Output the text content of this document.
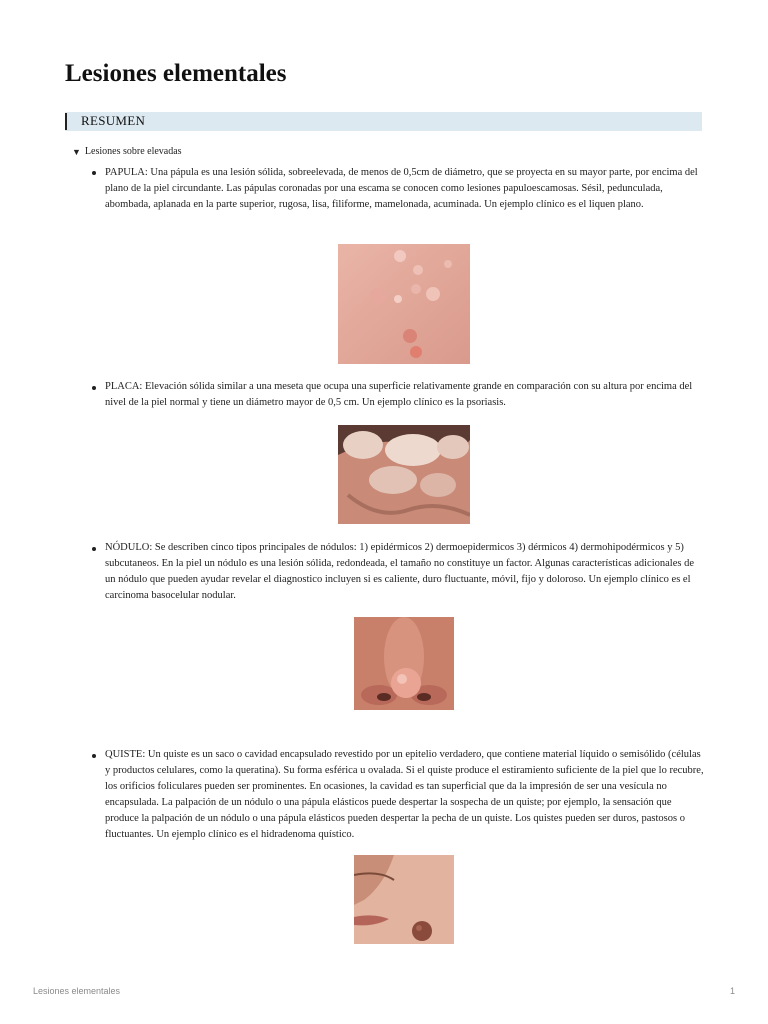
Lesiones elementales
RESUMEN
▼ Lesiones sobre elevadas
PAPULA: Una pápula es una lesión sólida, sobreelevada, de menos de 0,5cm de diámetro, que se proyecta en su mayor parte, por encima del plano de la piel circundante. Las pápulas coronadas por una escama se conocen como lesiones papuloescamosas. Sésil, pedunculada, abombada, aplanada en la parte superior, rugosa, lisa, filiforme, mamelonada, acuminada. Un ejemplo clínico es el liquen plano.
PLACA: Elevación sólida similar a una meseta que ocupa una superficie relativamente grande en comparación con su altura por encima del nivel de la piel normal y tiene un diámetro mayor de 0,5 cm. Un ejemplo clínico es la psoriasis.
NÓDULO: Se describen cinco tipos principales de nódulos: 1) epidérmicos 2) dermoepidermicos 3) dérmicos 4) dermohipodérmicos y 5) subcutaneos. En la piel un nódulo es una lesión sólida, redondeada, el tamaño no constituye un factor. Algunas características adicionales de un nódulo que pueden ayudar revelar el diagnostico incluyen si es caliente, duro fluctuante, móvil, fijo y doloroso. Un ejemplo clínico es el carcinoma basocelular nodular.
QUISTE: Un quiste es un saco o cavidad encapsulado revestido por un epitelio verdadero, que contiene material líquido o semisólido (células y productos celulares, como la queratina). Su forma esférica u ovalada. Si el quiste produce el estiramiento suficiente de la piel que lo recubre, los orificios foliculares pueden ser prominentes. En ocasiones, la cavidad es tan superficial que da la impresión de ser una vesícula no encapsulada. La palpación de un nódulo o una pápula elásticos puede despertar la sospecha de un quiste; por ejemplo, la sensación que produce la palpación de un nódulo o una pápula elásticos pueden despertar la pecha de un quiste. Los quistes pueden ser duros, pastosos o fluctuantes. Un ejemplo clínico es el hidradenoma quístico.
Lesiones elementales	1
